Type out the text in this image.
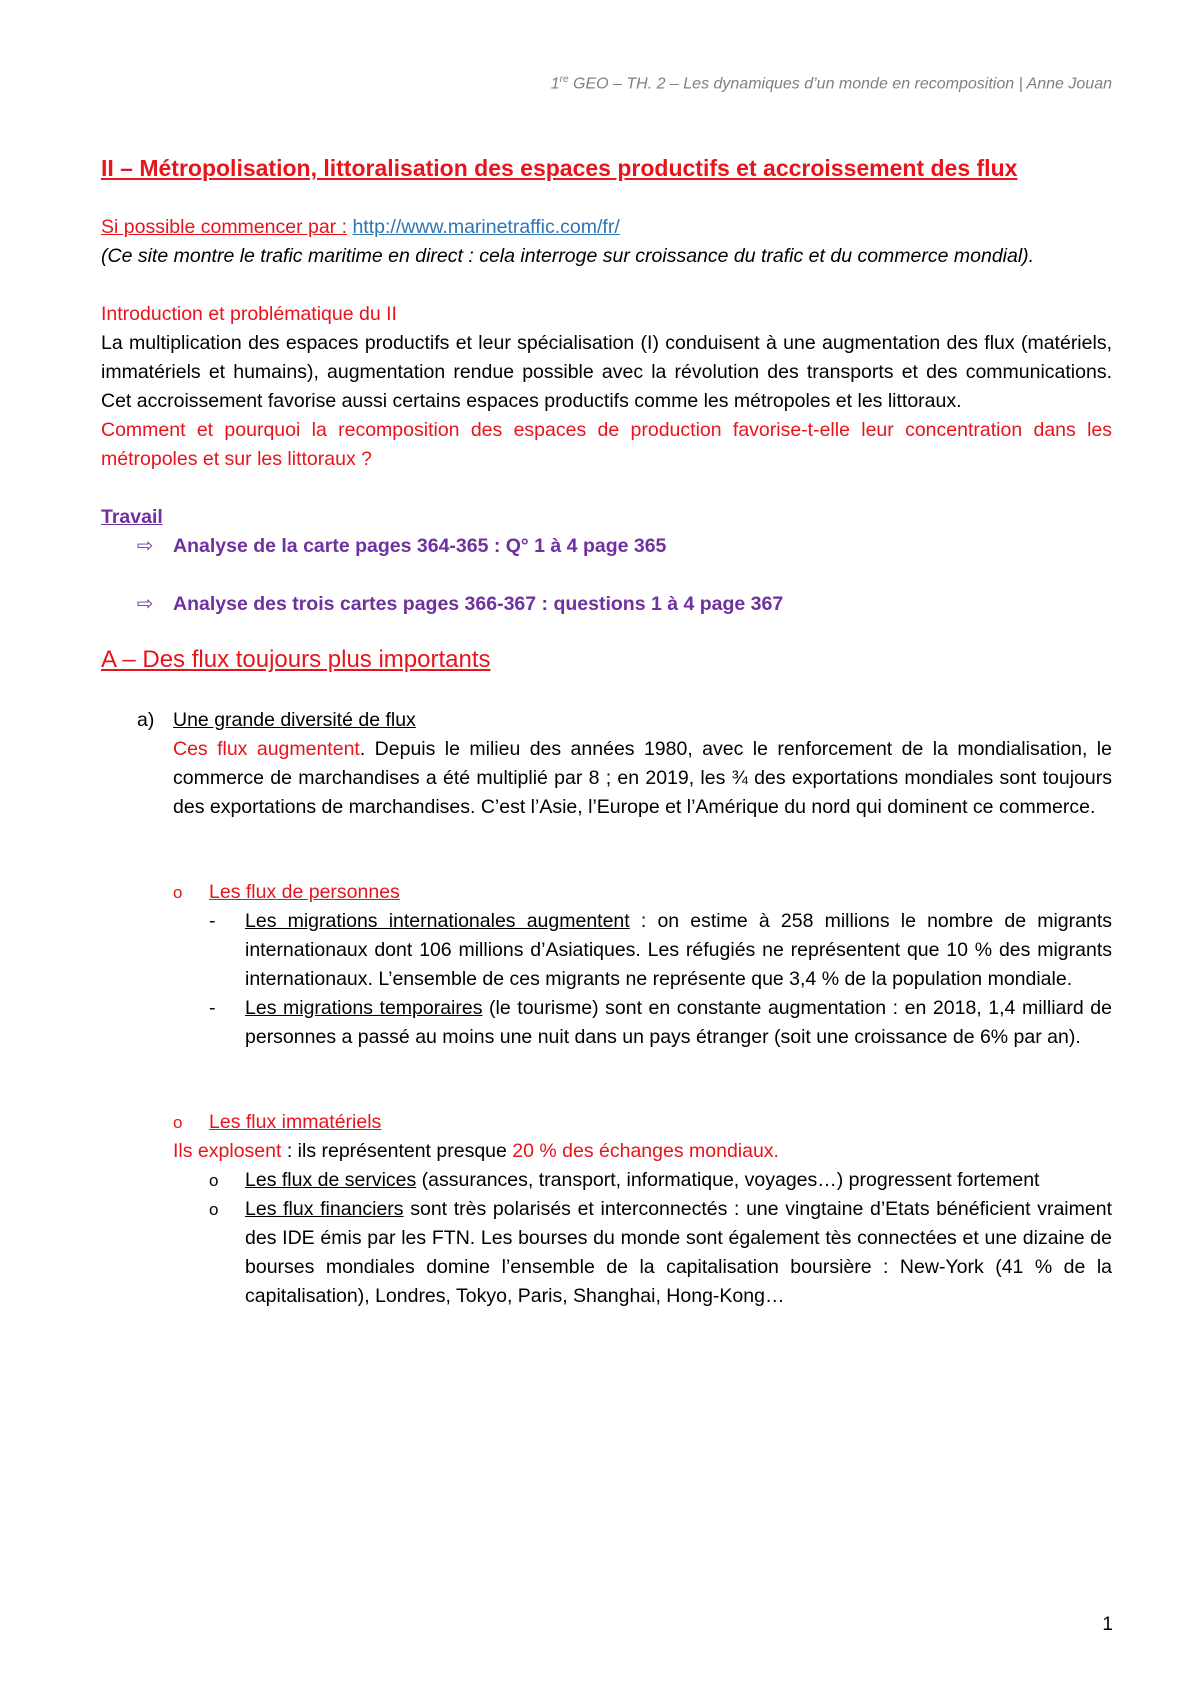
1re GEO – TH. 2 – Les dynamiques d’un monde en recomposition | Anne Jouan

II – Métropolisation, littoralisation des espaces productifs et accroissement des flux

Si possible commencer par : http://www.marinetraffic.com/fr/

(Ce site montre le trafic maritime en direct : cela interroge sur croissance du trafic et du commerce mondial).

Introduction et problématique du II

La multiplication des espaces productifs et leur spécialisation (I) conduisent à une augmentation des flux (matériels, immatériels et humains), augmentation rendue possible avec la révolution des transports et des communications. Cet accroissement favorise aussi certains espaces productifs comme les métropoles et les littoraux.

Comment et pourquoi la recomposition des espaces de production favorise-t-elle leur concentration dans les métropoles et sur les littoraux ?

Travail

⇨	Analyse de la carte pages 364-365 : Q° 1 à 4 page 365
⇨	Analyse des trois cartes pages 366-367 : questions 1 à 4 page 367

A – Des flux toujours plus importants

a) Une grande diversité de flux

Ces flux augmentent. Depuis le milieu des années 1980, avec le renforcement de la mondialisation, le commerce de marchandises a été multiplié par 8 ; en 2019, les ¾ des exportations mondiales sont toujours des exportations de marchandises. C’est l’Asie, l’Europe et l’Amérique du nord qui dominent ce commerce.

o	Les flux de personnes
-	Les migrations internationales augmentent : on estime à 258 millions le nombre de migrants internationaux dont 106 millions d’Asiatiques. Les réfugiés ne représentent que 10 % des migrants internationaux. L’ensemble de ces migrants ne représente que 3,4 % de la population mondiale.
-	Les migrations temporaires (le tourisme) sont en constante augmentation : en 2018, 1,4 milliard de personnes a passé au moins une nuit dans un pays étranger (soit une croissance de 6% par an).
o	Les flux immatériels

Ils explosent : ils représentent presque 20 % des échanges mondiaux.

o	Les flux de services (assurances, transport, informatique, voyages…) progressent fortement
o	Les flux financiers sont très polarisés et interconnectés : une vingtaine d’Etats bénéficient vraiment des IDE émis par les FTN. Les bourses du monde sont également tès connectées et une dizaine de bourses mondiales domine l’ensemble de la capitalisation boursière : New-York (41 % de la capitalisation), Londres, Tokyo, Paris, Shanghai, Hong-Kong…
1
